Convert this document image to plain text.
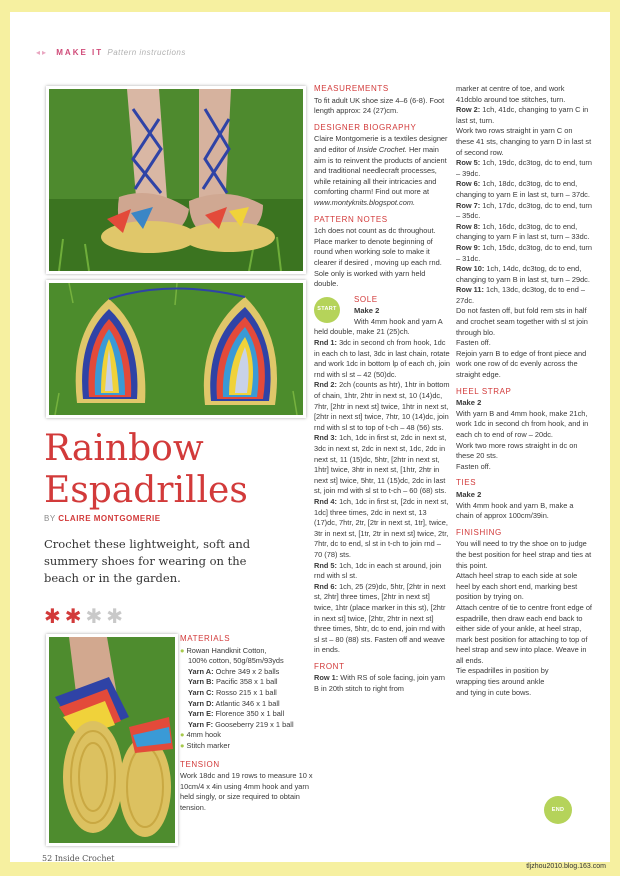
◂▸ MAKE IT Pattern instructions
Rainbow
Espadrilles
BY CLAIRE MONTGOMERIE
Crochet these lightweight, soft and summery shoes for wearing on the beach or in the garden.
✱✱✱✱
MATERIALS

● Rowan Handknit Cotton,

100% cotton, 50g/85m/93yds

Yarn A: Ochre 349 x 2 balls

Yarn B: Pacific 358 x 1 ball

Yarn C: Rosso 215 x 1 ball

Yarn D: Atlantic 346 x 1 ball

Yarn E: Florence 350 x 1 ball

Yarn F: Gooseberry 219 x 1 ball

● 4mm hook

● Stitch marker

TENSION

Work 18dc and 19 rows to measure 10 x 10cm/4 x 4in using 4mm hook and yarn held singly, or size required to obtain tension.

MEASUREMENTS

To fit adult UK shoe size 4–6 (6-8). Foot length approx: 24 (27)cm.

DESIGNER BIOGRAPHY

Claire Montgomerie is a textiles designer and editor of Inside Crochet. Her main aim is to reinvent the products of ancient and traditional needlecraft processes, while retaining all their intricacies and comforting charm! Find out more at www.montyknits.blogspot.com.

PATTERN NOTES

1ch does not count as dc throughout.

Place marker to denote beginning of round when working sole to make it clearer if desired , moving up each rnd.

Sole only is worked with yarn held double.

START
SOLE
Make 2

With 4mm hook and yarn A held double, make 21 (25)ch.

Rnd 1: 3dc in second ch from hook, 1dc in each ch to last, 3dc in last chain, rotate and work 1dc in bottom lp of each ch, join rnd with sl st – 42 (50)dc.

Rnd 2: 2ch (counts as htr), 1htr in bottom of chain, 1htr, 2htr in next st, 10 (14)dc, 7htr, [2htr in next st] twice, 1htr in next st, [2htr in next st] twice, 7htr, 10 (14)dc, join rnd with sl st to top of t-ch – 48 (56) sts.

Rnd 3: 1ch, 1dc in first st, 2dc in next st, 3dc in next st, 2dc in next st, 1dc, 2dc in next st, 11 (15)dc, 5htr, [2htr in next st, 1htr] twice, 3htr in next st, [1htr, 2htr in next st] twice, 5htr, 11 (15)dc, 2dc in last st, join rnd with sl st to t-ch – 60 (68) sts.

Rnd 4: 1ch, 1dc in first st, [2dc in next st, 1dc] three times, 2dc in next st, 13 (17)dc, 7htr, 2tr, [2tr in next st, 1tr], twice, 3tr in next st, [1tr, 2tr in next st] twice, 2tr, 7htr, dc to end, sl st in t-ch to join rnd – 70 (78) sts.

Rnd 5: 1ch, 1dc in each st around, join rnd with sl st.

Rnd 6: 1ch, 25 (29)dc, 5htr, [2htr in next st, 2htr] three times, [2htr in next st] twice, 1htr (place marker in this st), [2htr in next st] twice, [2htr, 2htr in next st] three times, 5htr, dc to end, join rnd with sl st – 80 (88) sts. Fasten off and weave in ends.

FRONT

Row 1: With RS of sole facing, join yarn B in 20th stitch to right from

marker at centre of toe, and work 41dcblo around toe stitches, turn.

Row 2: 1ch, 41dc, changing to yarn C in last st, turn.

Work two rows straight in yarn C on these 41 sts, changing to yarn D in last st of second row.

Row 5: 1ch, 19dc, dc3tog, dc to end, turn – 39dc.

Row 6: 1ch, 18dc, dc3tog, dc to end, changing to yarn E in last st, turn – 37dc.

Row 7: 1ch, 17dc, dc3tog, dc to end, turn – 35dc.

Row 8: 1ch, 16dc, dc3tog, dc to end, changing to yarn F in last st, turn – 33dc.

Row 9: 1ch, 15dc, dc3tog, dc to end, turn – 31dc.

Row 10: 1ch, 14dc, dc3tog, dc to end, changing to yarn B in last st, turn – 29dc.

Row 11: 1ch, 13dc, dc3tog, dc to end – 27dc.

Do not fasten off, but fold rem sts in half and crochet seam together with sl st join through blo.

Fasten off.

Rejoin yarn B to edge of front piece and work one row of dc evenly across the straight edge.

HEEL STRAP
Make 2

With yarn B and 4mm hook, make 21ch, work 1dc in second ch from hook, and in each ch to end of row – 20dc.

Work two more rows straight in dc on these 20 sts.

Fasten off.

TIES
Make 2

With 4mm hook and yarn B, make a chain of approx 100cm/39in.

FINISHING

You will need to try the shoe on to judge the best position for heel strap and ties at this point.

Attach heel strap to each side at sole heel by each short end, marking best position by trying on.

Attach centre of tie to centre front edge of espadrille, then draw each end back to either side of your ankle, at heel strap, mark best position for attaching to top of heel strap and sew into place. Weave in all ends.

Tie espadrilles in position by wrapping ties around ankle and tying in cute bows.

END
52 Inside Crochet
tljzhou2010.blog.163.com
